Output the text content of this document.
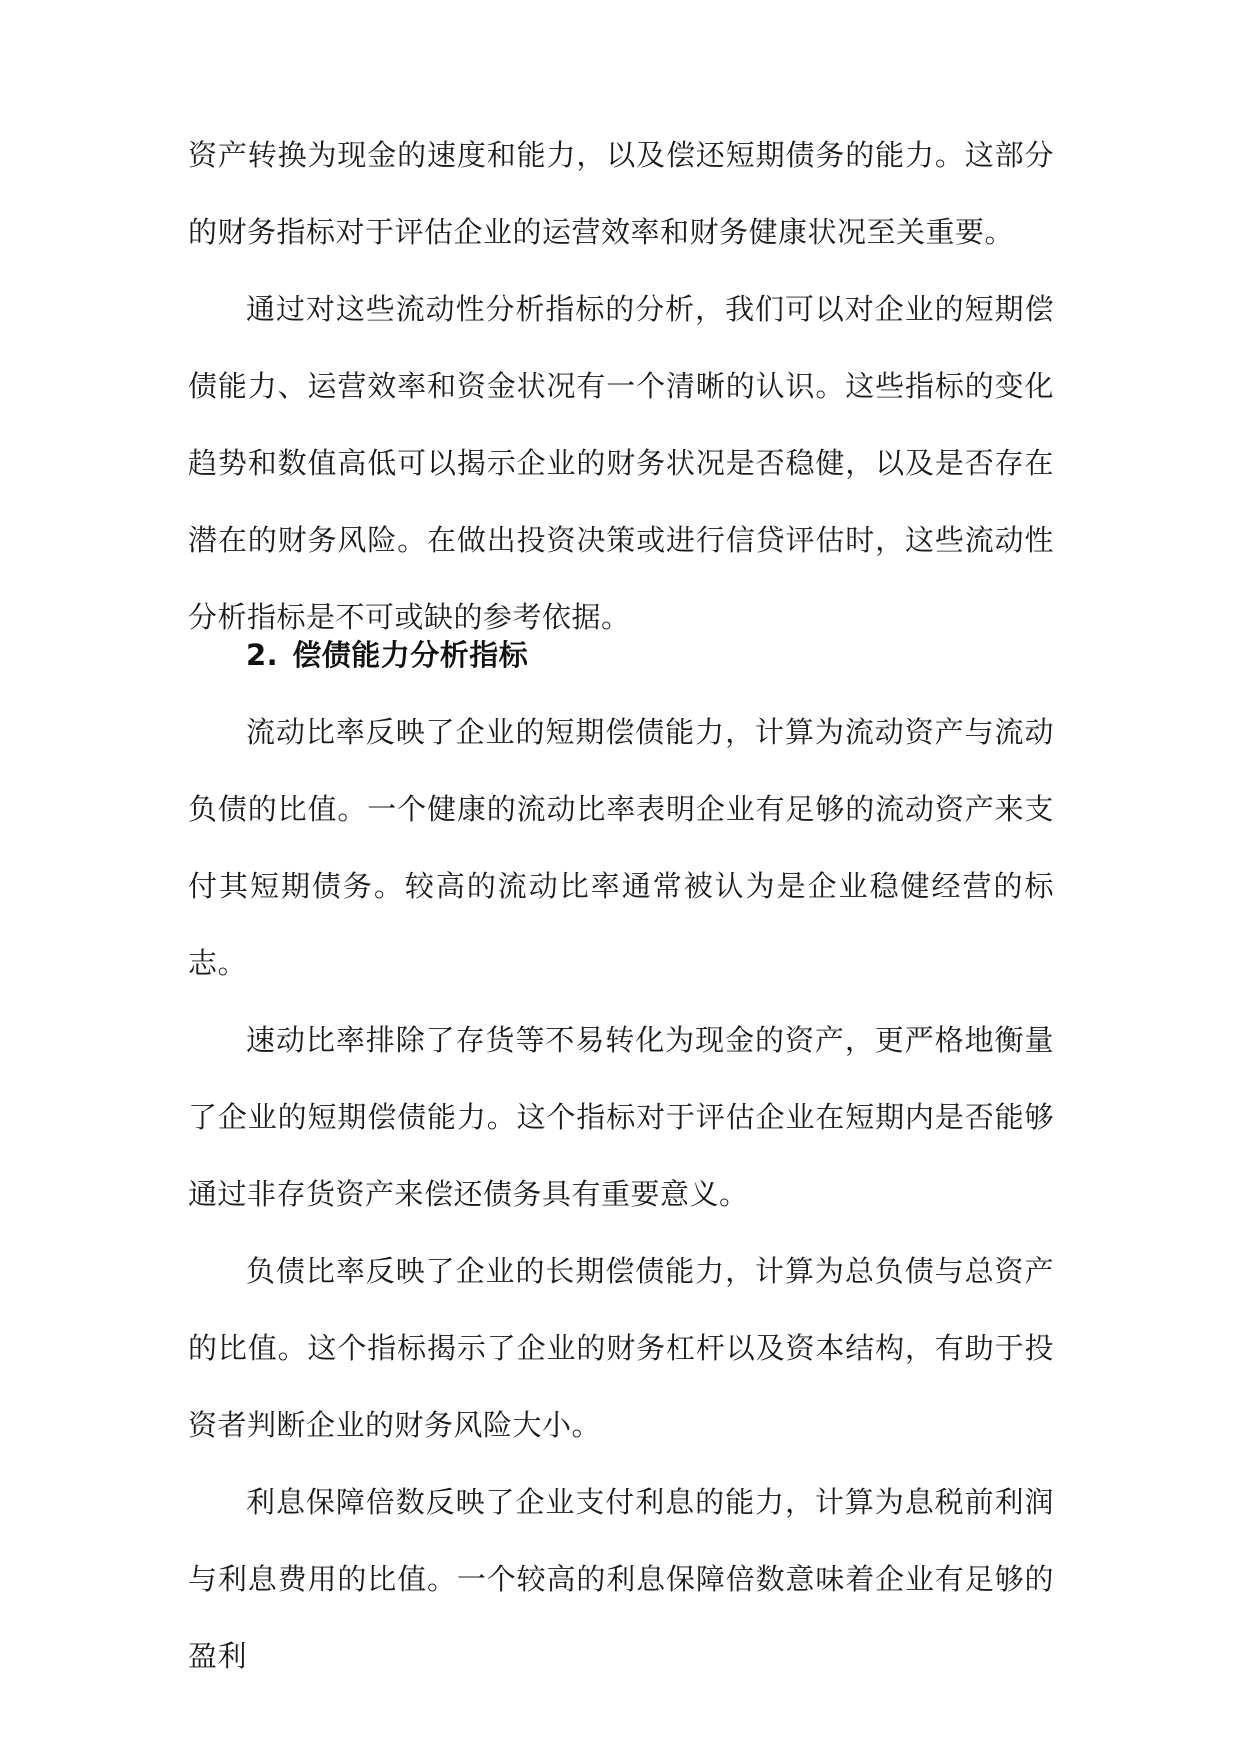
资产转换为现金的速度和能力，以及偿还短期债务的能力。这部分的财务指标对于评估企业的运营效率和财务健康状况至关重要。

通过对这些流动性分析指标的分析，我们可以对企业的短期偿债能力、运营效率和资金状况有一个清晰的认识。这些指标的变化趋势和数值高低可以揭示企业的财务状况是否稳健，以及是否存在潜在的财务风险。在做出投资决策或进行信贷评估时，这些流动性分析指标是不可或缺的参考依据。

2. 偿债能力分析指标

流动比率反映了企业的短期偿债能力，计算为流动资产与流动负债的比值。一个健康的流动比率表明企业有足够的流动资产来支付其短期债务。较高的流动比率通常被认为是企业稳健经营的标志。

速动比率排除了存货等不易转化为现金的资产，更严格地衡量了企业的短期偿债能力。这个指标对于评估企业在短期内是否能够通过非存货资产来偿还债务具有重要意义。

负债比率反映了企业的长期偿债能力，计算为总负债与总资产的比值。这个指标揭示了企业的财务杠杆以及资本结构，有助于投资者判断企业的财务风险大小。

利息保障倍数反映了企业支付利息的能力，计算为息税前利润与利息费用的比值。一个较高的利息保障倍数意味着企业有足够的盈利
